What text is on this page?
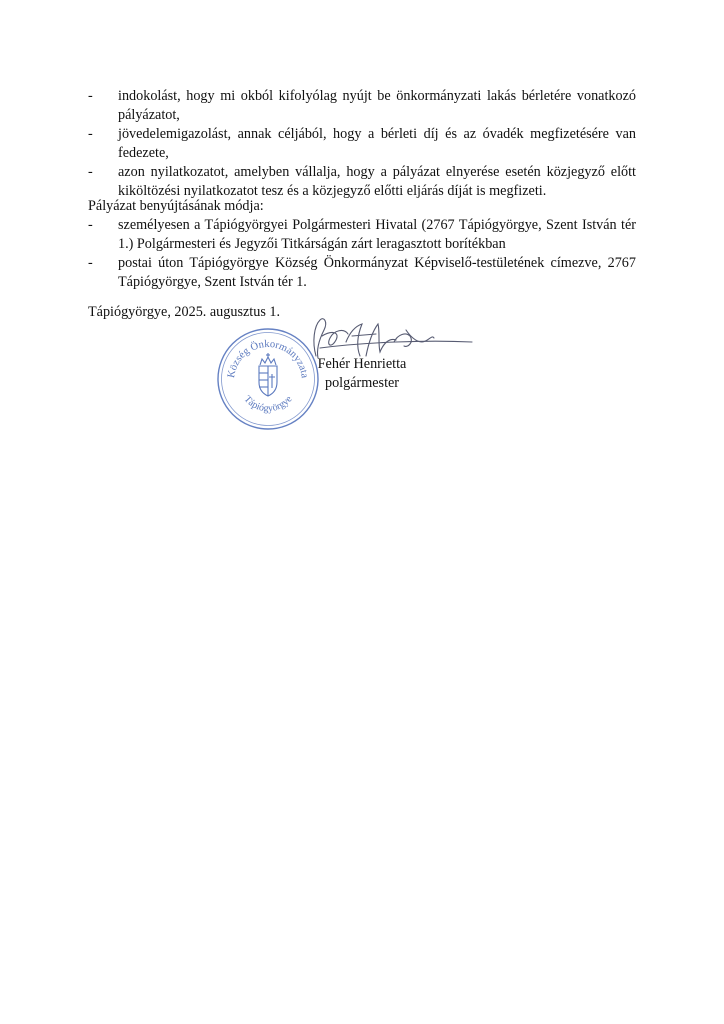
- indokolást, hogy mi okból kifolyólag nyújt be önkormányzati lakás bérletére vonatkozó pályázatot,
- jövedelemigazolást, annak céljából, hogy a bérleti díj és az óvadék megfizetésére van fedezete,
- azon nyilatkozatot, amelyben vállalja, hogy a pályázat elnyerése esetén közjegyző előtt kiköltözési nyilatkozatot tesz és a közjegyző előtti eljárás díját is megfizeti.
Pályázat benyújtásának módja:
- személyesen a Tápiógyörgyei Polgármesteri Hivatal (2767 Tápiógyörgye, Szent István tér 1.) Polgármesteri és Jegyzői Titkárságán zárt leragasztott borítékban
- postai úton Tápiógyörgye Község Önkormányzat Képviselő-testületének címezve, 2767 Tápiógyörgye, Szent István tér 1.
Tápiógyörgye, 2025. augusztus 1.
Község Önkormányzata
Tápiógyörgye
Fehér Henrietta
polgármester
